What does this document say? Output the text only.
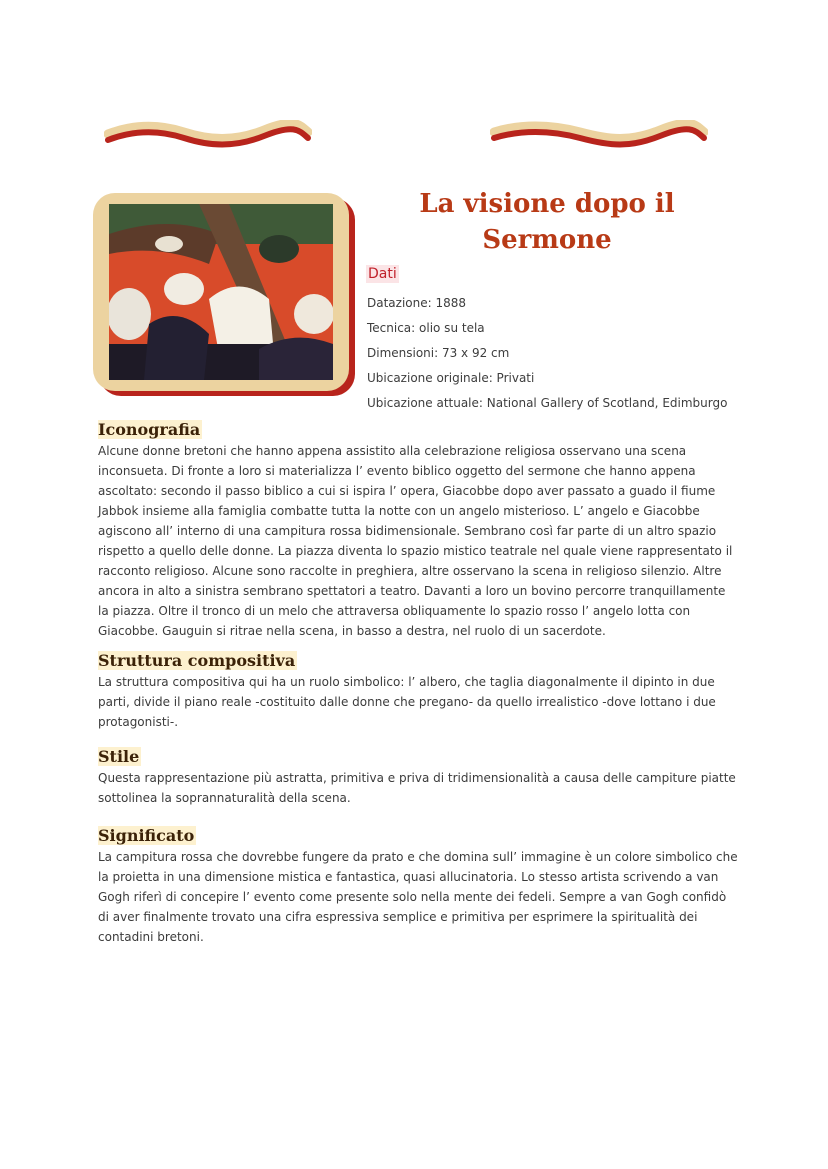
La visione dopo il Sermone
Dati
Datazione: 1888
Tecnica: olio su tela
Dimensioni: 73 x 92 cm
Ubicazione originale: Privati
Ubicazione attuale: National Gallery of Scotland, Edimburgo
Iconografia

Alcune donne bretoni che hanno appena assistito alla celebrazione religiosa osservano una scena inconsueta. Di fronte a loro si materializza l’ evento biblico oggetto del sermone che hanno appena ascoltato: secondo il passo biblico a cui si ispira l’ opera, Giacobbe dopo aver passato a guado il fiume Jabbok insieme alla famiglia combatte tutta la notte con un angelo misterioso. L’ angelo e Giacobbe agiscono all’ interno di una campitura rossa bidimensionale. Sembrano così far parte di un altro spazio rispetto a quello delle donne. La piazza diventa lo spazio mistico teatrale nel quale viene rappresentato il racconto religioso. Alcune sono raccolte in preghiera, altre osservano la scena in religioso silenzio. Altre ancora in alto a sinistra sembrano spettatori a teatro. Davanti a loro un bovino percorre tranquillamente la piazza. Oltre il tronco di un melo che attraversa obliquamente lo spazio rosso l’ angelo lotta con Giacobbe. Gauguin si ritrae nella scena, in basso a destra, nel ruolo di un sacerdote.

Struttura compositiva

La struttura compositiva qui ha un ruolo simbolico: l’ albero, che taglia diagonalmente il dipinto in due parti, divide il piano reale -costituito dalle donne che pregano- da quello irrealistico -dove lottano i due protagonisti-.

Stile

Questa rappresentazione più astratta, primitiva e priva di tridimensionalità a causa delle campiture piatte sottolinea la soprannaturalità della scena.

Significato

La campitura rossa che dovrebbe fungere da prato e che domina sull’ immagine è un colore simbolico che la proietta in una dimensione mistica e fantastica, quasi allucinatoria. Lo stesso artista scrivendo a van Gogh riferì di concepire l’ evento come presente solo nella mente dei fedeli. Sempre a van Gogh confidò di aver finalmente trovato una cifra espressiva semplice e primitiva per esprimere la spiritualità dei contadini bretoni.
